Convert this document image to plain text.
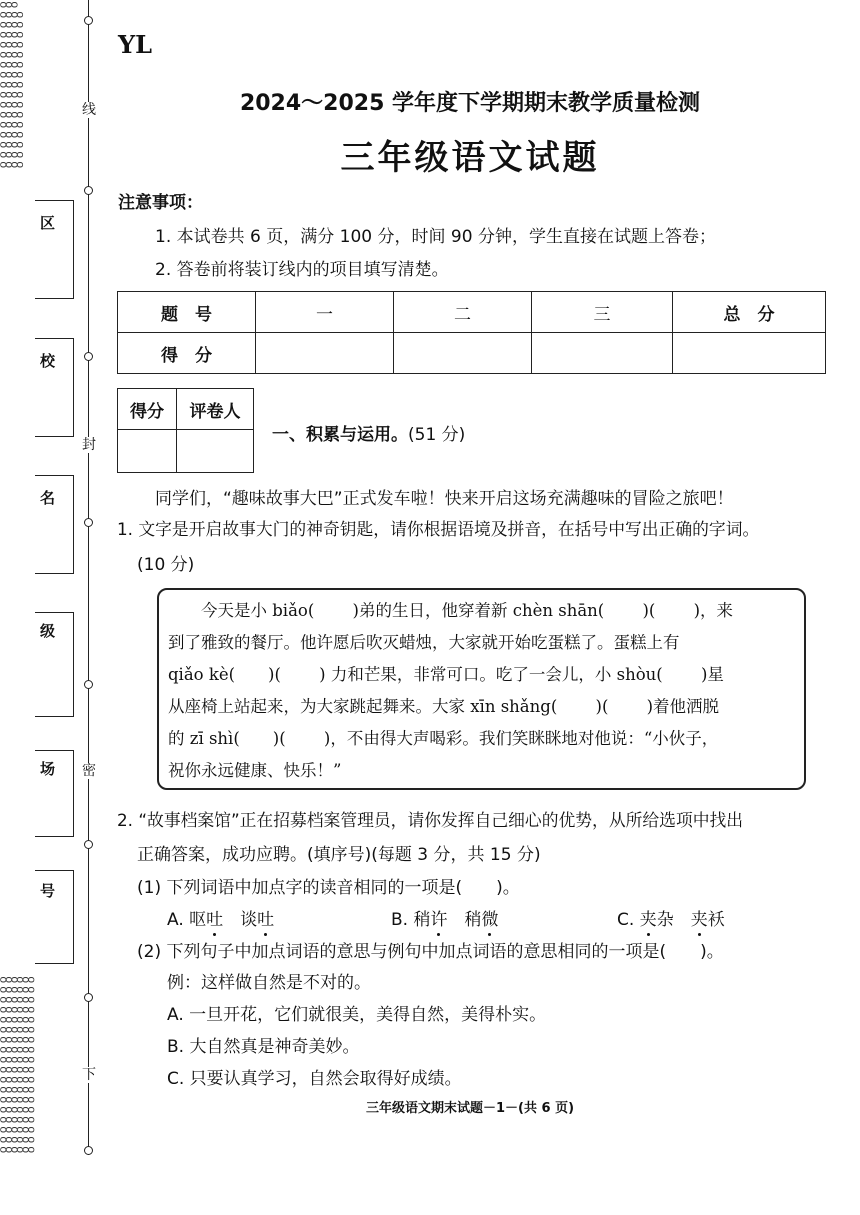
ᴑᴑᴑ
ᴑᴑᴑᴑ
ᴑᴑᴑᴑ
ᴑᴑᴑᴑ
ᴑᴑᴑᴑ
ᴑᴑᴑᴑ
ᴑᴑᴑᴑ
ᴑᴑᴑᴑ
ᴑᴑᴑᴑ
ᴑᴑᴑᴑ
ᴑᴑᴑᴑ
ᴑᴑᴑᴑ
ᴑᴑᴑᴑ
ᴑᴑᴑᴑ
ᴑᴑᴑᴑ
ᴑᴑᴑᴑ
ᴑᴑᴑᴑ
ᴑᴑᴑᴑᴑᴑ
ᴑᴑᴑᴑᴑᴑ
ᴑᴑᴑᴑᴑᴑ
ᴑᴑᴑᴑᴑᴑ
ᴑᴑᴑᴑᴑᴑ
ᴑᴑᴑᴑᴑᴑ
ᴑᴑᴑᴑᴑᴑ
ᴑᴑᴑᴑᴑᴑ
ᴑᴑᴑᴑᴑᴑ
ᴑᴑᴑᴑᴑᴑ
ᴑᴑᴑᴑᴑᴑ
ᴑᴑᴑᴑᴑᴑ
ᴑᴑᴑᴑᴑᴑ
ᴑᴑᴑᴑᴑᴑ
ᴑᴑᴑᴑᴑᴑ
ᴑᴑᴑᴑᴑᴑ
ᴑᴑᴑᴑᴑᴑ
ᴑᴑᴑᴑᴑᴑ
线
封
密
下
区
校
名
级
场
号
YL
2024～2025 学年度下学期期末教学质量检测
三年级语文试题
注意事项：
1. 本试卷共 6 页，满分 100 分，时间 90 分钟，学生直接在试题上答卷；
2. 答卷前将装订线内的项目填写清楚。
题　号	一	二	三	总　分
得　分				
得分	评卷人

一、积累与运用。(51 分)
同学们，“趣味故事大巴”正式发车啦！快来开启这场充满趣味的冒险之旅吧！
1. 文字是开启故事大门的神奇钥匙，请你根据语境及拼音，在括号中写出正确的字词。
(10 分)
　　今天是小 biǎo(　　 )弟的生日，他穿着新 chèn shān(　　 )(　　 )，来
到了雅致的餐厅。他许愿后吹灭蜡烛，大家就开始吃蛋糕了。蛋糕上有
qiǎo kè(　　)(　　 ) 力和芒果，非常可口。吃了一会儿，小 shòu(　　 )星
从座椅上站起来，为大家跳起舞来。大家 xīn shǎng(　　 )(　　 )着他洒脱
的 zī shì(　　)(　　 )，不由得大声喝彩。我们笑眯眯地对他说：“小伙子，
祝你永远健康、快乐！”
2. “故事档案馆”正在招募档案管理员，请你发挥自己细心的优势，从所给选项中找出
正确答案，成功应聘。(填序号)(每题 3 分，共 15 分)
(1) 下列词语中加点字的读音相同的一项是(　　)。
A. 呕吐　谈吐	B. 稍许　稍微	C. 夹杂　夹袄
(2) 下列句子中加点词语的意思与例句中加点词语的意思相同的一项是(　　)。
例：这样做自然是不对的。
A. 一旦开花，它们就很美，美得自然，美得朴实。
B. 大自然真是神奇美妙。
C. 只要认真学习，自然会取得好成绩。
三年级语文期末试题－1－(共 6 页)
